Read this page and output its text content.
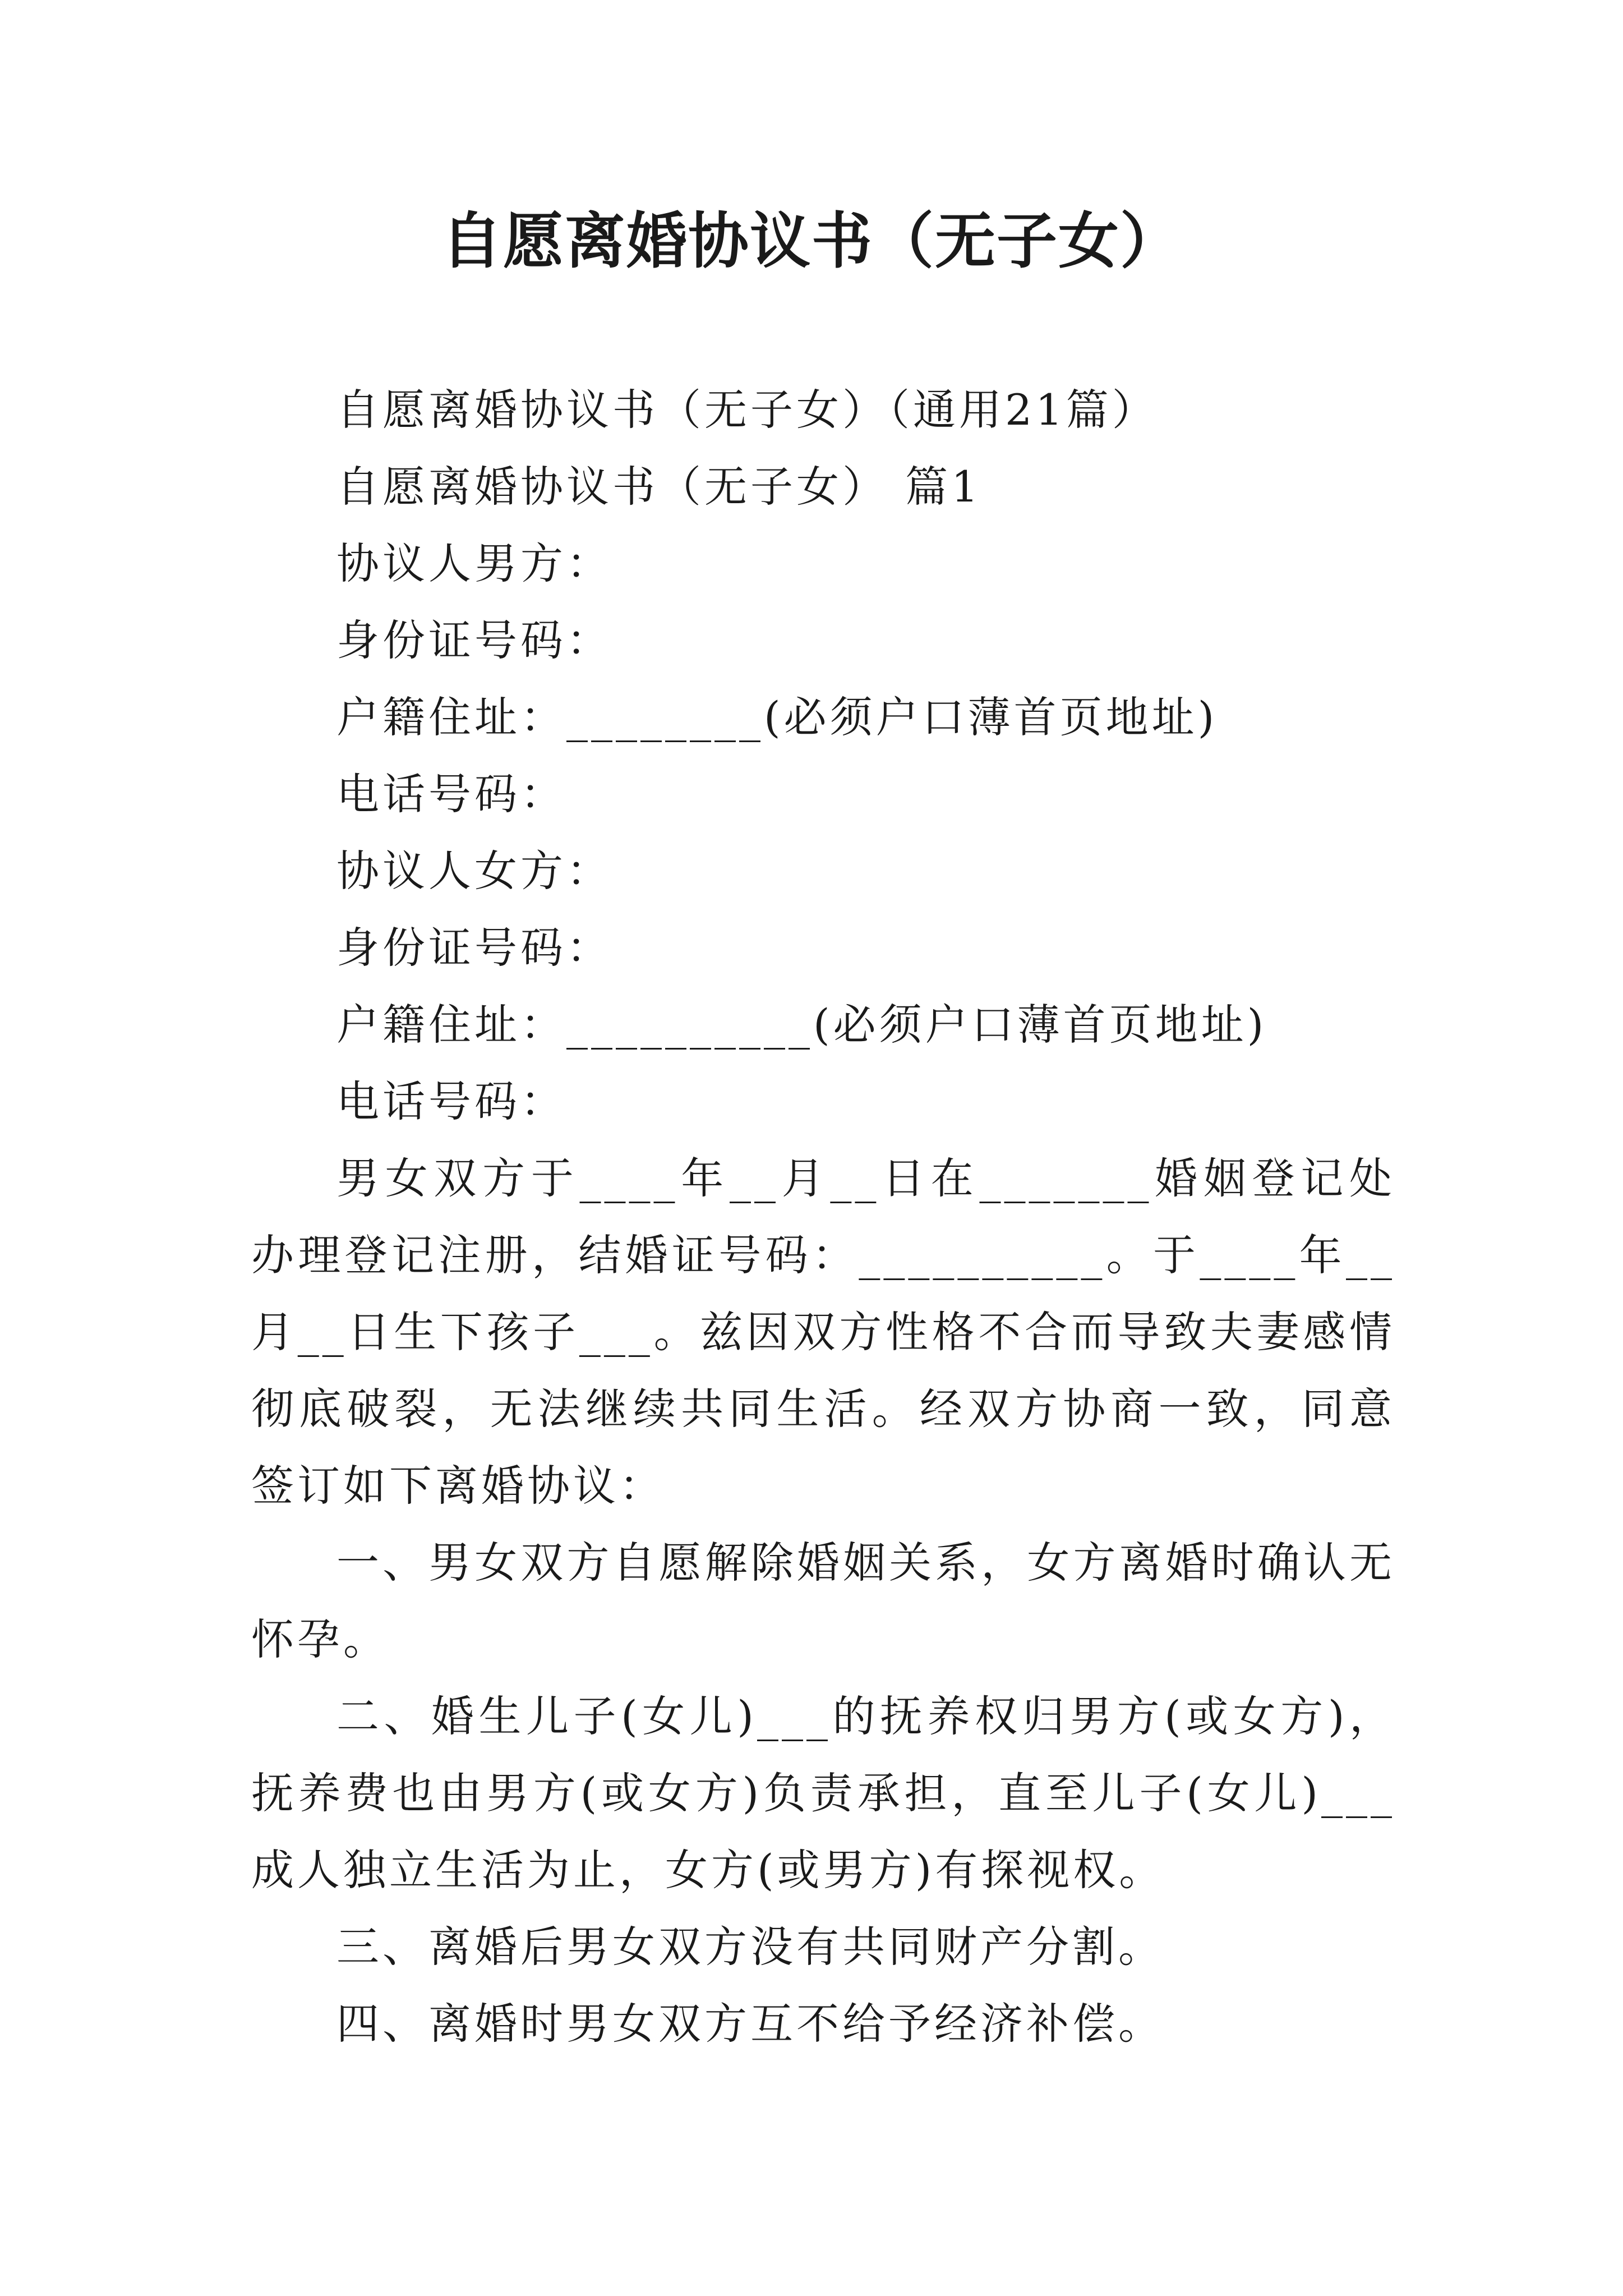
自愿离婚协议书（无子女）

自愿离婚协议书（无子女）（通用21篇）

自愿离婚协议书（无子女） 篇1

协议人男方：

身份证号码：

户籍住址：________(必须户口薄首页地址)

电话号码：

协议人女方：

身份证号码：

户籍住址：__________(必须户口薄首页地址)

电话号码：

男女双方于____年__月__日在_______婚姻登记处办理登记注册，结婚证号码：__________。于____年__月__日生下孩子___。兹因双方性格不合而导致夫妻感情彻底破裂，无法继续共同生活。经双方协商一致，同意签订如下离婚协议：

一、男女双方自愿解除婚姻关系，女方离婚时确认无怀孕。

二、婚生儿子(女儿)___的抚养权归男方(或女方)，抚养费也由男方(或女方)负责承担，直至儿子(女儿)___成人独立生活为止，女方(或男方)有探视权。

三、离婚后男女双方没有共同财产分割。

四、离婚时男女双方互不给予经济补偿。
